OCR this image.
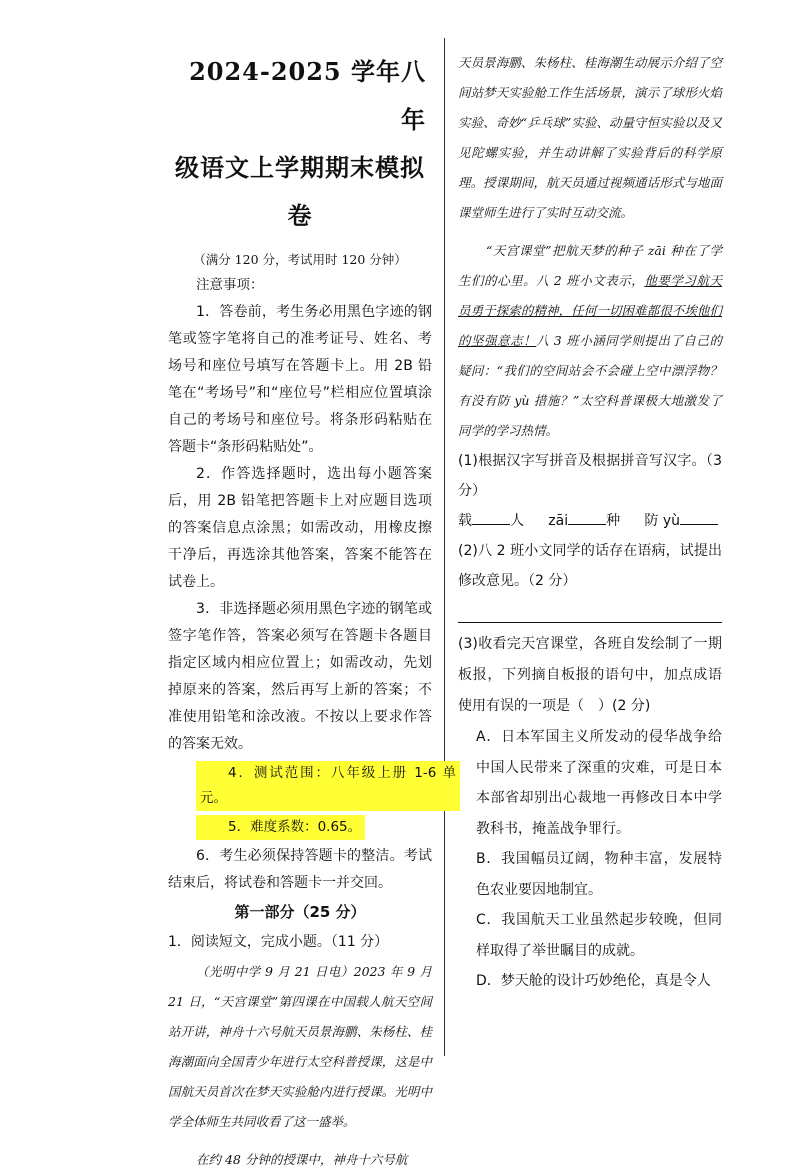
2024-2025 学年八年
级语文上学期期末模拟
卷
（满分 120 分，考试用时 120 分钟）
注意事项：

1．答卷前，考生务必用黑色字迹的钢笔或签字笔将自己的准考证号、姓名、考场号和座位号填写在答题卡上。用 2B 铅笔在“考场号”和“座位号”栏相应位置填涂自己的考场号和座位号。将条形码粘贴在答题卡“条形码粘贴处”。

2．作答选择题时，选出每小题答案后，用 2B 铅笔把答题卡上对应题目选项的答案信息点涂黑；如需改动，用橡皮擦干净后，再选涂其他答案，答案不能答在试卷上。

3．非选择题必须用黑色字迹的钢笔或签字笔作答，答案必须写在答题卡各题目指定区域内相应位置上；如需改动，先划掉原来的答案，然后再写上新的答案；不准使用铅笔和涂改液。不按以上要求作答的答案无效。

4．测试范围：八年级上册 1-6 单元。

5．难度系数：0.65。

6．考生必须保持答题卡的整洁。考试结束后，将试卷和答题卡一并交回。

第一部分（25 分）

1．阅读短文，完成小题。（11 分）

（光明中学 9 月 21 日电）2023 年 9 月 21 日，“天宫课堂”第四课在中国载人航天空间站开讲，神舟十六号航天员景海鹏、朱杨柱、桂海潮面向全国青少年进行太空科普授课，这是中国航天员首次在梦天实验舱内进行授课。光明中学全体师生共同收看了这一盛举。

在约 48 分钟的授课中，神舟十六号航

天员景海鹏、朱杨柱、桂海潮生动展示介绍了空间站梦天实验舱工作生活场景，演示了球形火焰实验、奇妙“乒乓球”实验、动量守恒实验以及又见陀螺实验，并生动讲解了实验背后的科学原理。授课期间，航天员通过视频通话形式与地面课堂师生进行了实时互动交流。

“天宫课堂”把航天梦的种子 zāi 种在了学生们的心里。八 2 班小文表示，他要学习航天员勇于探索的精神，任何一切困难都很不埃他们的坚强意志！八 3 班小涵同学则提出了自己的疑问：“我们的空间站会不会碰上空中漂浮物？有没有防 yù 措施？”太空科普课极大地激发了同学的学习热情。

(1)根据汉字写拼音及根据拼音写汉字。（3分）

载	人 zāi	种 防 yù

(2)八 2 班小文同学的话存在语病，试提出修改意见。（2 分）

(3)收看完天宫课堂，各班自发绘制了一期板报，下列摘自板报的语句中，加点成语使用有误的一项是（　）(2 分)

A．日本军国主义所发动的侵华战争给中国人民带来了深重的灾难，可是日本本部省却别出心裁地一再修改日本中学教科书，掩盖战争罪行。

B．我国幅员辽阔，物种丰富，发展特色农业要因地制宜。

C．我国航天工业虽然起步较晚，但同样取得了举世瞩目的成就。

D．梦天舱的设计巧妙绝伦，真是令人
